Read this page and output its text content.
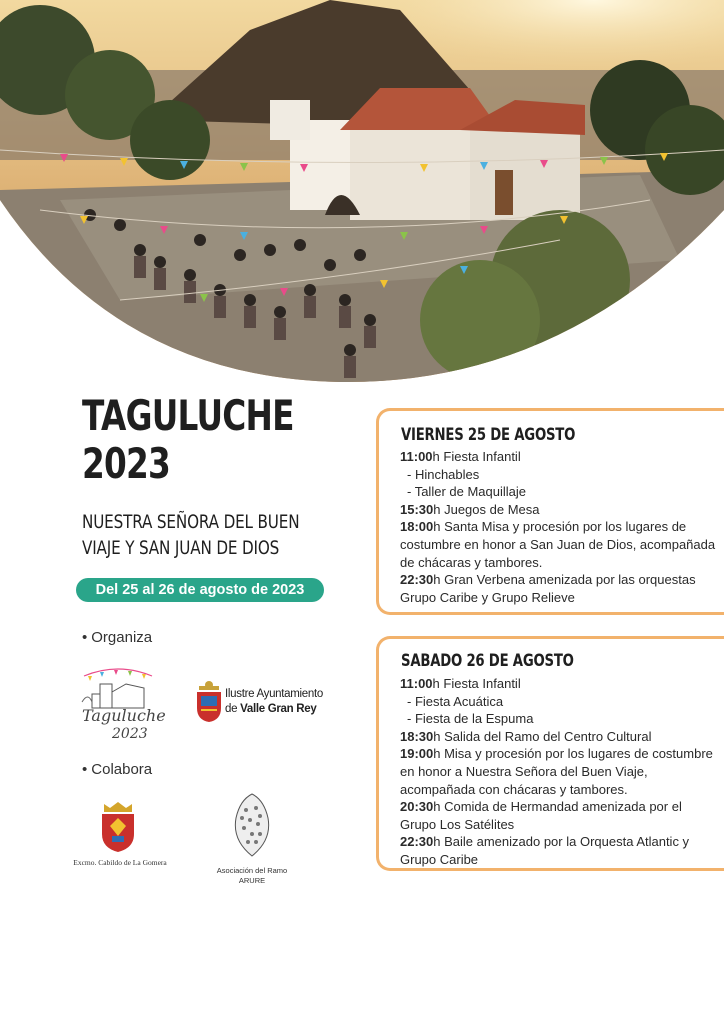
TAGULUCHE
2023
NUESTRA SEÑORA DEL BUEN
VIAJE Y SAN JUAN DE DIOS
Del 25 al 26 de agosto de 2023
• Organiza
Taguluche
2023
Ilustre Ayuntamiento
de Valle Gran Rey
• Colabora
Excmo. Cabildo de La Gomera
Asociación del Ramo
ARURE
VIERNES 25 DE AGOSTO
11:00h Fiesta Infantil
- Hinchables
- Taller de Maquillaje
15:30h Juegos de Mesa
18:00h Santa Misa y procesión por los lugares de costumbre en honor a San Juan de Dios, acompañada de chácaras y tambores.
22:30h Gran Verbena amenizada por las orquestas Grupo Caribe y Grupo Relieve
SABADO 26 DE AGOSTO
11:00h Fiesta Infantil
- Fiesta Acuática
- Fiesta de la Espuma
18:30h Salida del Ramo del Centro Cultural
19:00h Misa y procesión por los lugares de costumbre en honor a Nuestra Señora del Buen Viaje, acompañada con chácaras y tambores.
20:30h Comida de Hermandad amenizada por el Grupo Los Satélites
22:30h Baile amenizado por la Orquesta Atlantic y Grupo Caribe
